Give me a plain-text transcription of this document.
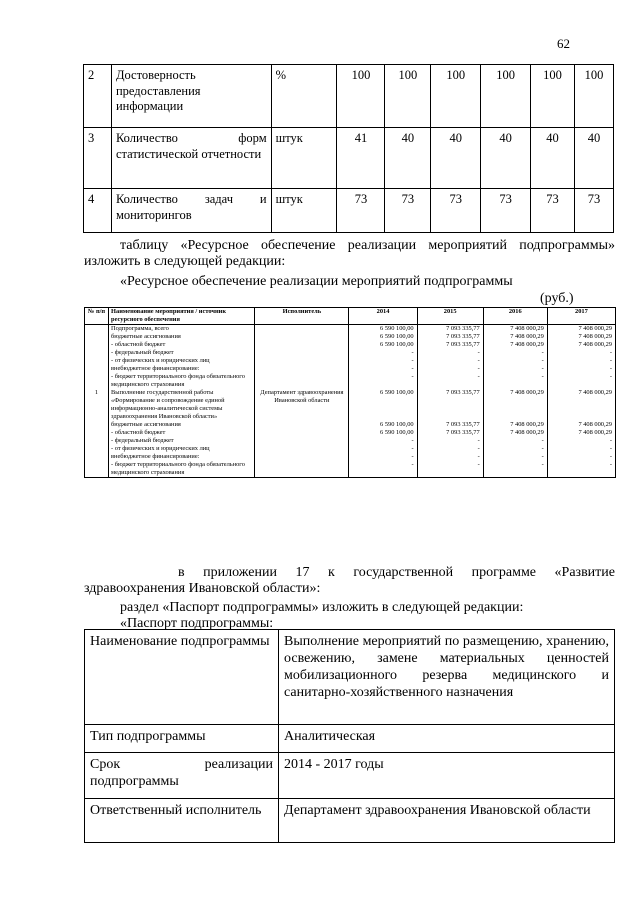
62
2	Достоверность предоставления информации	%	100	100	100	100	100	100
3	Количество форм статистической отчетности	штук	41	40	40	40	40	40
4	Количество задач и мониторингов	штук	73	73	73	73	73	73
таблицу «Ресурсное обеспечение реализации мероприятий подпрограммы» изложить в следующей редакции:
«Ресурсное обеспечение реализации мероприятий подпрограммы
(руб.)
№ п/п	Наименование мероприятия / источник ресурсного обеспечения	Исполнитель	2014	2015	2016	2017
	Подпрограмма, всего		6 590 100,00	7 093 335,77	7 408 000,29	7 408 000,29
	бюджетные ассигнования		6 590 100,00	7 093 335,77	7 408 000,29	7 408 000,29
	- областной бюджет		6 590 100,00	7 093 335,77	7 408 000,29	7 408 000,29
	- федеральный бюджет		-	-	-	-
	- от физических и юридических лиц		-	-	-	-
	внебюджетное финансирование:		-	-	-	-
	- бюджет территориального фонда обязательного медицинского страхования		-	-	-	-
1	Выполнение государственной работы «Формирование и сопровождение единой информационно-аналитической системы здравоохранения Ивановской области»	Департамент здравоохранения Ивановской области	6 590 100,00	7 093 335,77	7 408 000,29	7 408 000,29
	бюджетные ассигнования		6 590 100,00	7 093 335,77	7 408 000,29	7 408 000,29
	- областной бюджет		6 590 100,00	7 093 335,77	7 408 000,29	7 408 000,29
	- федеральный бюджет		-	-	-	-
	- от физических и юридических лиц		-	-	-	-
	внебюджетное финансирование:		-	-	-	-
	- бюджет территориального фонда обязательного медицинского страхования		-	-	-	-
в приложении 17 к государственной программе «Развитие здравоохранения Ивановской области»:
раздел «Паспорт подпрограммы» изложить в следующей редакции:
«Паспорт подпрограммы:
Наименование подпрограммы	Выполнение мероприятий по размещению, хранению, освежению, замене материальных ценностей мобилизационного резерва медицинского и санитарно-хозяйственного назначения
Тип подпрограммы	Аналитическая
Срок реализации подпрограммы	2014 - 2017 годы
Ответственный исполнитель	Департамент здравоохранения Ивановской области
